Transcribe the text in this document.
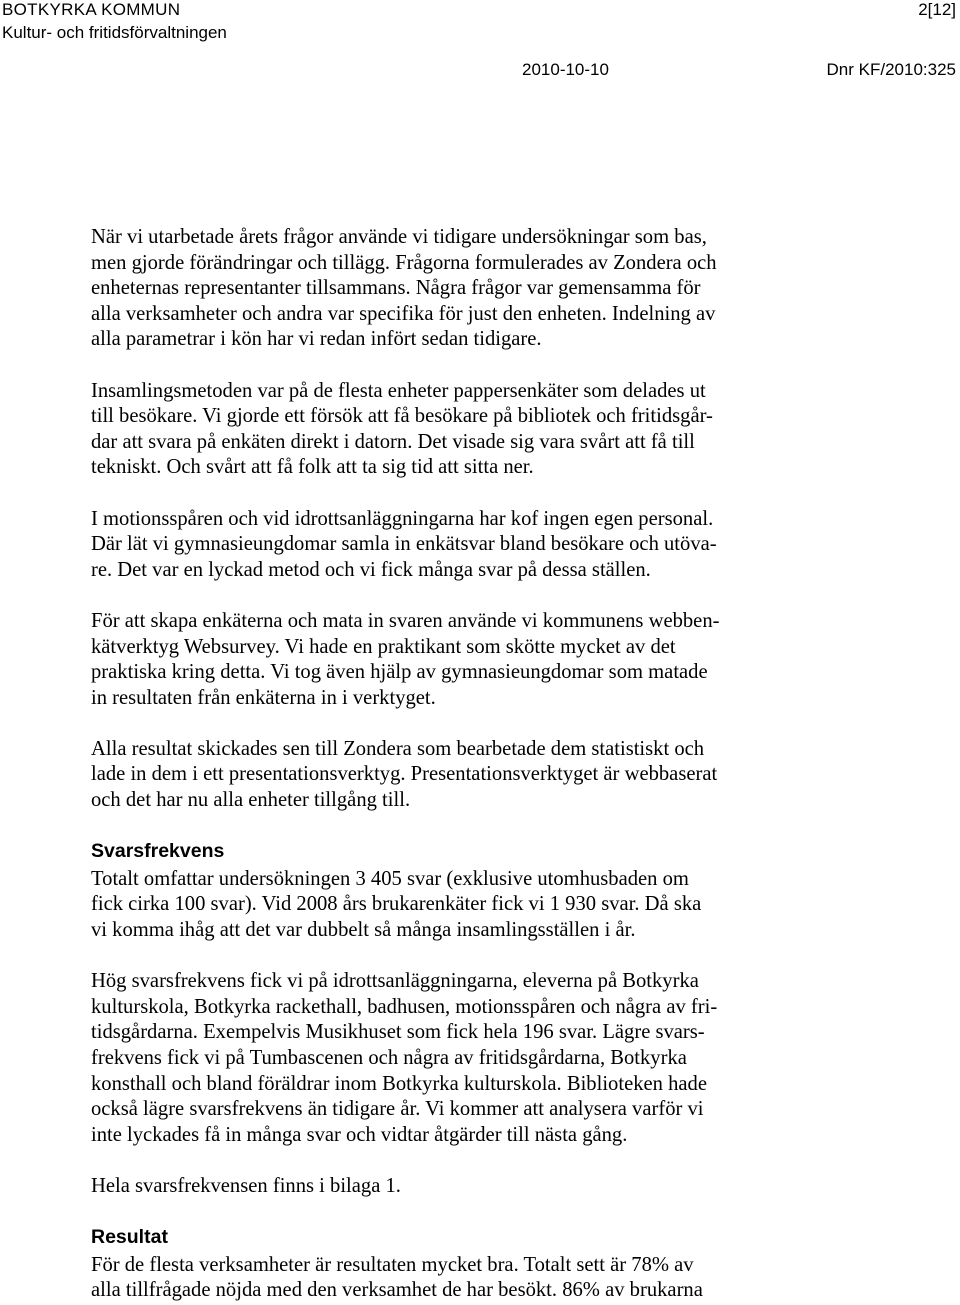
BOTKYRKA KOMMUN
Kultur- och fritidsförvaltningen
2[12]
2010-10-10	Dnr KF/2010:325

När vi utarbetade årets frågor använde vi tidigare undersökningar som bas,
men gjorde förändringar och tillägg. Frågorna formulerades av Zondera och
enheternas representanter tillsammans. Några frågor var gemensamma för
alla verksamheter och andra var specifika för just den enheten. Indelning av
alla parametrar i kön har vi redan infört sedan tidigare.

Insamlingsmetoden var på de flesta enheter pappersenkäter som delades ut
till besökare. Vi gjorde ett försök att få besökare på bibliotek och fritidsgår-
dar att svara på enkäten direkt i datorn. Det visade sig vara svårt att få till
tekniskt. Och svårt att få folk att ta sig tid att sitta ner.

I motionsspåren och vid idrottsanläggningarna har kof ingen egen personal.
Där lät vi gymnasieungdomar samla in enkätsvar bland besökare och utöva-
re. Det var en lyckad metod och vi fick många svar på dessa ställen.

För att skapa enkäterna och mata in svaren använde vi kommunens webben-
kätverktyg Websurvey. Vi hade en praktikant som skötte mycket av det
praktiska kring detta. Vi tog även hjälp av gymnasieungdomar som matade
in resultaten från enkäterna in i verktyget.

Alla resultat skickades sen till Zondera som bearbetade dem statistiskt och
lade in dem i ett presentationsverktyg. Presentationsverktyget är webbaserat
och det har nu alla enheter tillgång till.

Svarsfrekvens

Totalt omfattar undersökningen 3 405 svar (exklusive utomhusbaden om
fick cirka 100 svar). Vid 2008 års brukarenkäter fick vi 1 930 svar. Då ska
vi komma ihåg att det var dubbelt så många insamlingsställen i år.

Hög svarsfrekvens fick vi på idrottsanläggningarna, eleverna på Botkyrka
kulturskola, Botkyrka rackethall, badhusen, motionsspåren och några av fri-
tidsgårdarna. Exempelvis Musikhuset som fick hela 196 svar. Lägre svars-
frekvens fick vi på Tumbascenen och några av fritidsgårdarna, Botkyrka
konsthall och bland föräldrar inom Botkyrka kulturskola. Biblioteken hade
också lägre svarsfrekvens än tidigare år. Vi kommer att analysera varför vi
inte lyckades få in många svar och vidtar åtgärder till nästa gång.

Hela svarsfrekvensen finns i bilaga 1.

Resultat

För de flesta verksamheter är resultaten mycket bra. Totalt sett är 78% av
alla tillfrågade nöjda med den verksamhet de har besökt. 86% av brukarna
